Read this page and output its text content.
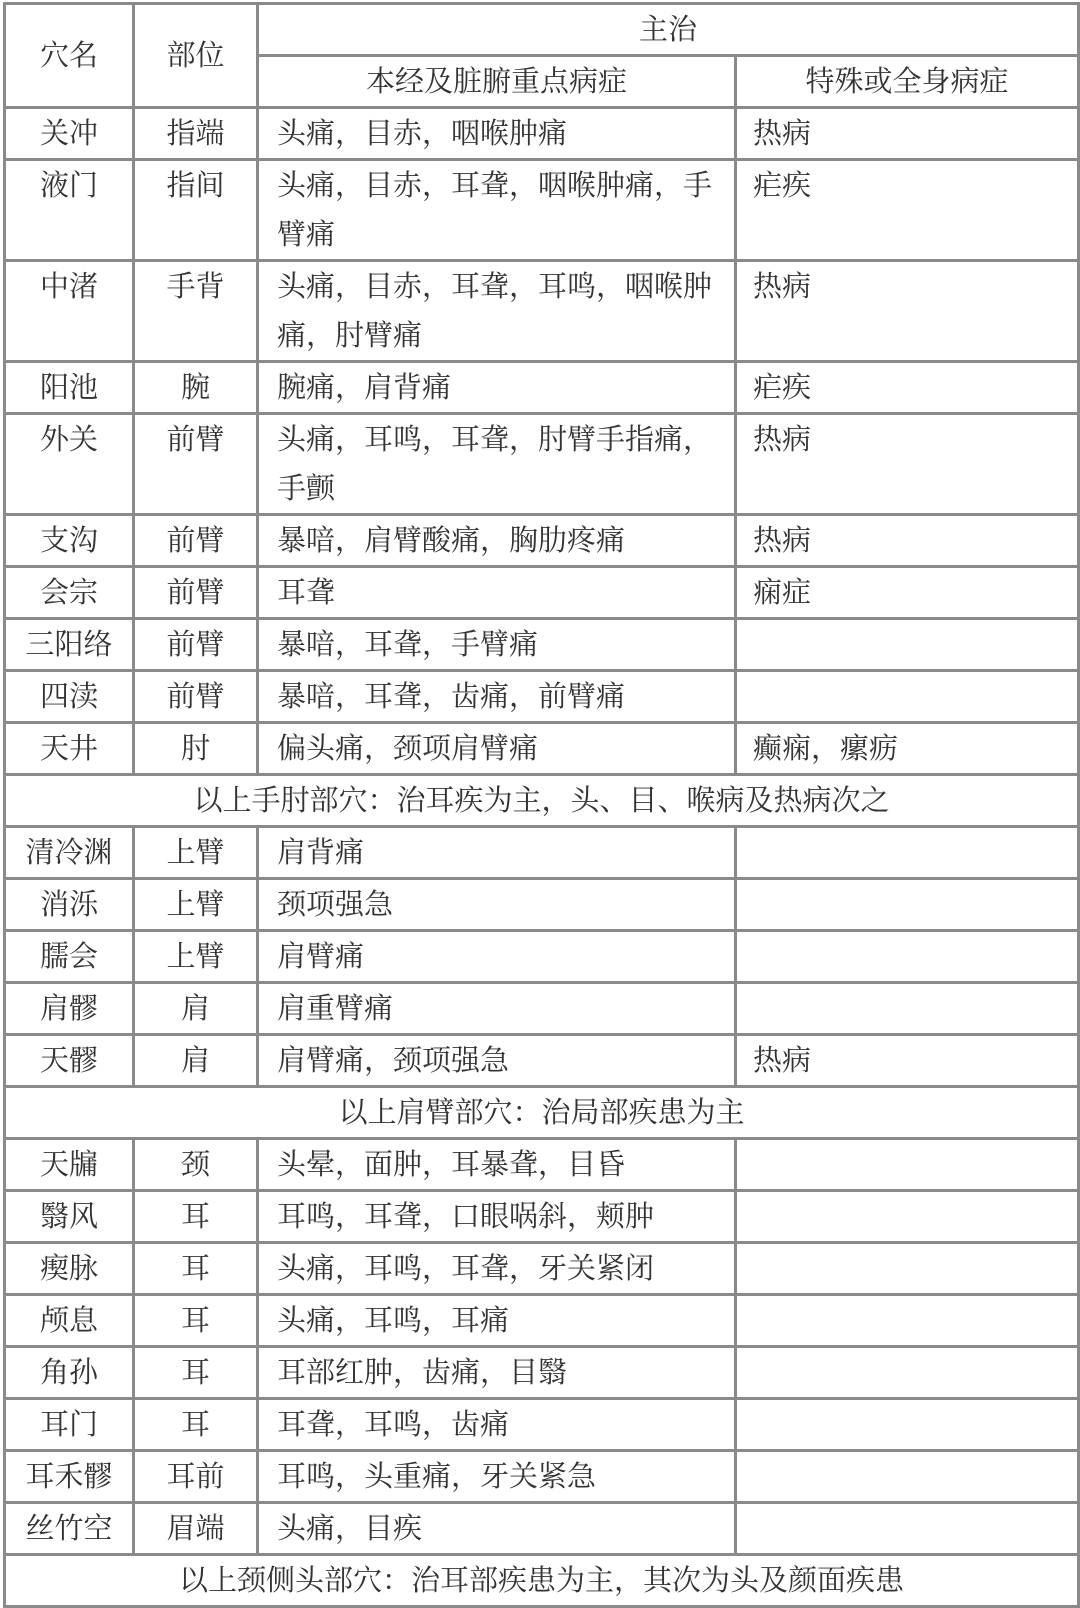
穴名	部位	主治	
		本经及脏腑重点病症	特殊或全身病症
关冲	指端	头痛，目赤，咽喉肿痛	热病
液门	指间	头痛，目赤，耳聋，咽喉肿痛，手臂痛	疟疾
中渚	手背	头痛，目赤，耳聋，耳鸣，咽喉肿痛，肘臂痛	热病
阳池	腕	腕痛，肩背痛	疟疾
外关	前臂	头痛，耳鸣，耳聋，肘臂手指痛，手颤	热病
支沟	前臂	暴喑，肩臂酸痛，胸肋疼痛	热病
会宗	前臂	耳聋	痫症
三阳络	前臂	暴喑，耳聋，手臂痛	
四渎	前臂	暴喑，耳聋，齿痛，前臂痛	
天井	肘	偏头痛，颈项肩臂痛	癫痫，瘰疬
以上手肘部穴：治耳疾为主，头、目、喉病及热病次之			
清冷渊	上臂	肩背痛	
消泺	上臂	颈项强急	
臑会	上臂	肩臂痛	
肩髎	肩	肩重臂痛	
天髎	肩	肩臂痛，颈项强急	热病
以上肩臂部穴：治局部疾患为主			
天牖	颈	头晕，面肿，耳暴聋，目昏	
翳风	耳	耳鸣，耳聋，口眼㖞斜，颊肿	
瘈脉	耳	头痛，耳鸣，耳聋，牙关紧闭	
颅息	耳	头痛，耳鸣，耳痛	
角孙	耳	耳部红肿，齿痛，目翳	
耳门	耳	耳聋，耳鸣，齿痛	
耳禾髎	耳前	耳鸣，头重痛，牙关紧急	
丝竹空	眉端	头痛，目疾	
以上颈侧头部穴：治耳部疾患为主，其次为头及颜面疾患			
